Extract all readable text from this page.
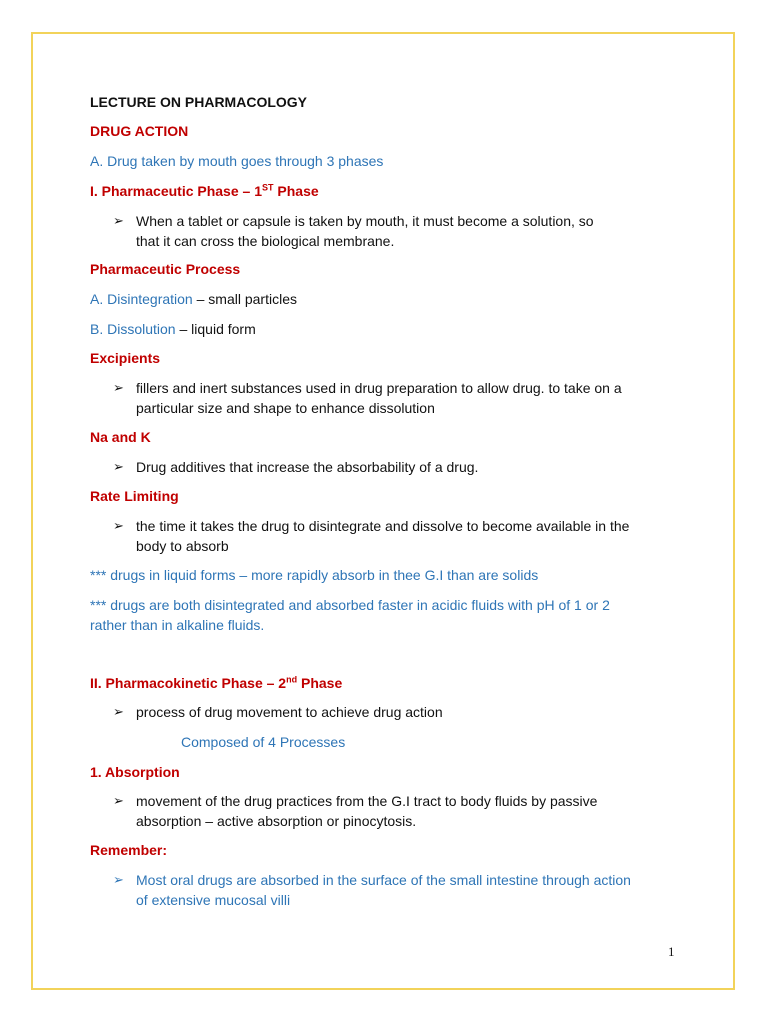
LECTURE ON PHARMACOLOGY
DRUG ACTION
A. Drug taken by mouth goes through 3 phases
I. Pharmaceutic Phase – 1ST Phase
➢ When a tablet or capsule is taken by mouth, it must become a solution, so
that it can cross the biological membrane.
Pharmaceutic Process
A. Disintegration – small particles
B. Dissolution – liquid form
Excipients
➢ fillers and inert substances used in drug preparation to allow drug. to take on a
particular size and shape to enhance dissolution
Na and K
➢ Drug additives that increase the absorbability of a drug.
Rate Limiting
➢ the time it takes the drug to disintegrate and dissolve to become available in the
body to absorb
*** drugs in liquid forms – more rapidly absorb in thee G.I than are solids
*** drugs are both disintegrated and absorbed faster in acidic fluids with pH of 1 or 2
rather than in alkaline fluids.
II. Pharmacokinetic Phase – 2nd Phase
➢ process of drug movement to achieve drug action
Composed of 4 Processes
1. Absorption
➢ movement of the drug practices from the G.I tract to body fluids by passive
absorption – active absorption or pinocytosis.
Remember:
➢ Most oral drugs are absorbed in the surface of the small intestine through action
of extensive mucosal villi
1
